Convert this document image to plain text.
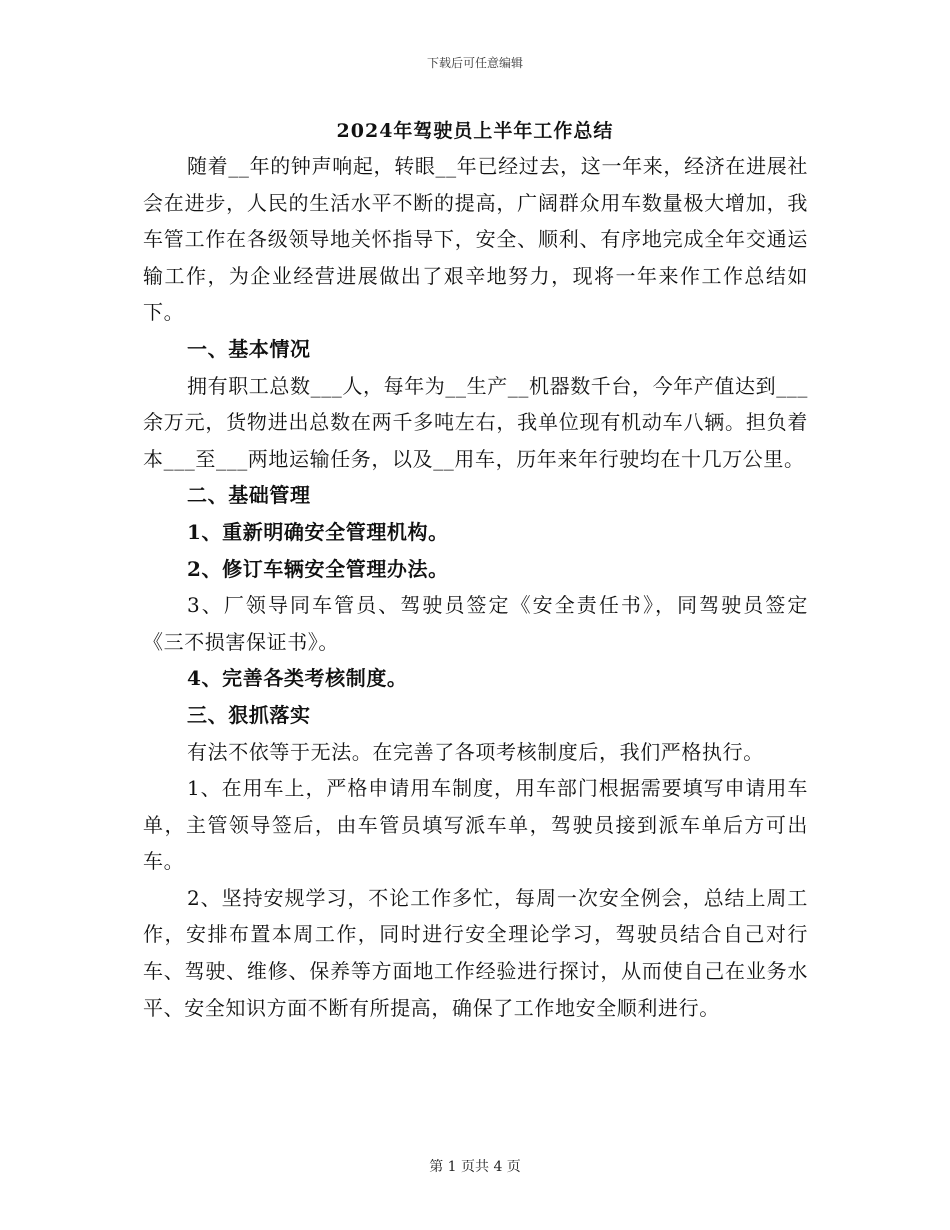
下载后可任意编辑
2024年驾驶员上半年工作总结

随着__年的钟声响起，转眼__年已经过去，这一年来，经济在进展社会在进步，人民的生活水平不断的提高，广阔群众用车数量极大增加，我车管工作在各级领导地关怀指导下，安全、顺利、有序地完成全年交通运输工作，为企业经营进展做出了艰辛地努力，现将一年来作工作总结如下。

一、基本情况

拥有职工总数___人，每年为__生产__机器数千台，今年产值达到___余万元，货物进出总数在两千多吨左右，我单位现有机动车八辆。担负着本___至___两地运输任务，以及__用车，历年来年行驶均在十几万公里。

二、基础管理

1、重新明确安全管理机构。

2、修订车辆安全管理办法。

3、厂领导同车管员、驾驶员签定《安全责任书》，同驾驶员签定《三不损害保证书》。

4、完善各类考核制度。

三、狠抓落实

有法不依等于无法。在完善了各项考核制度后，我们严格执行。

1、在用车上，严格申请用车制度，用车部门根据需要填写申请用车单，主管领导签后，由车管员填写派车单，驾驶员接到派车单后方可出车。

2、坚持安规学习，不论工作多忙，每周一次安全例会，总结上周工作，安排布置本周工作，同时进行安全理论学习，驾驶员结合自己对行车、驾驶、维修、保养等方面地工作经验进行探讨，从而使自己在业务水平、安全知识方面不断有所提高，确保了工作地安全顺利进行。

第 1 页共 4 页
